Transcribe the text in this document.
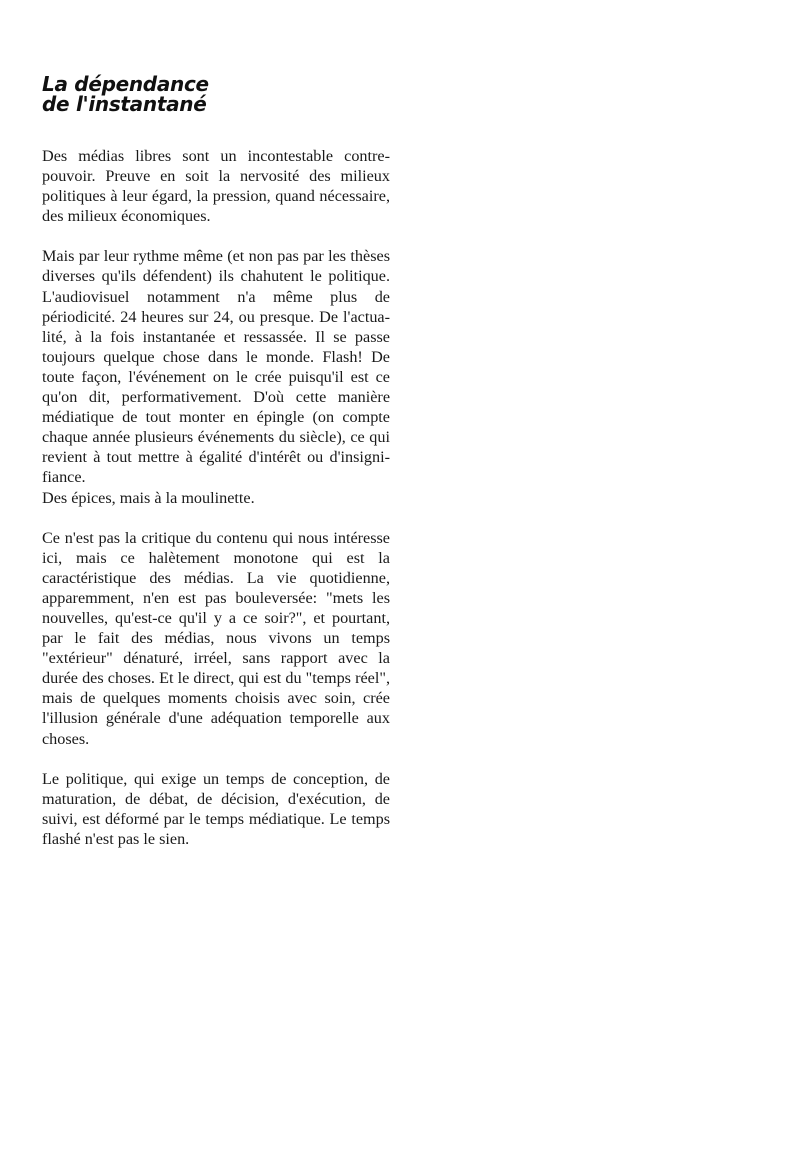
La dépendance
de l'instantané

Des médias libres sont un incontestable contre-pouvoir. Preuve en soit la nervosité des milieux politiques à leur égard, la pression, quand nécessaire, des milieux économiques.

Mais par leur rythme même (et non pas par les thèses diverses qu'ils défendent) ils chahutent le politique. L'audiovisuel notamment n'a même plus de périodicité. 24 heures sur 24, ou presque. De l'actualité, à la fois instantanée et ressassée. Il se passe toujours quelque chose dans le monde. Flash! De toute façon, l'événement on le crée puisqu'il est ce qu'on dit, performativement. D'où cette manière médiatique de tout monter en épingle (on compte chaque année plusieurs événements du siècle), ce qui revient à tout mettre à égalité d'intérêt ou d'insignifiance.

Des épices, mais à la moulinette.

Ce n'est pas la critique du contenu qui nous intéresse ici, mais ce halètement monotone qui est la caractéristique des médias. La vie quotidienne, apparemment, n'en est pas bouleversée: "mets les nouvelles, qu'est-ce qu'il y a ce soir?", et pourtant, par le fait des médias, nous vivons un temps "extérieur" dénaturé, irréel, sans rapport avec la durée des choses. Et le direct, qui est du "temps réel", mais de quelques moments choisis avec soin, crée l'illusion générale d'une adéquation temporelle aux choses.

Le politique, qui exige un temps de conception, de maturation, de débat, de décision, d'exécution, de suivi, est déformé par le temps médiatique. Le temps flashé n'est pas le sien.
